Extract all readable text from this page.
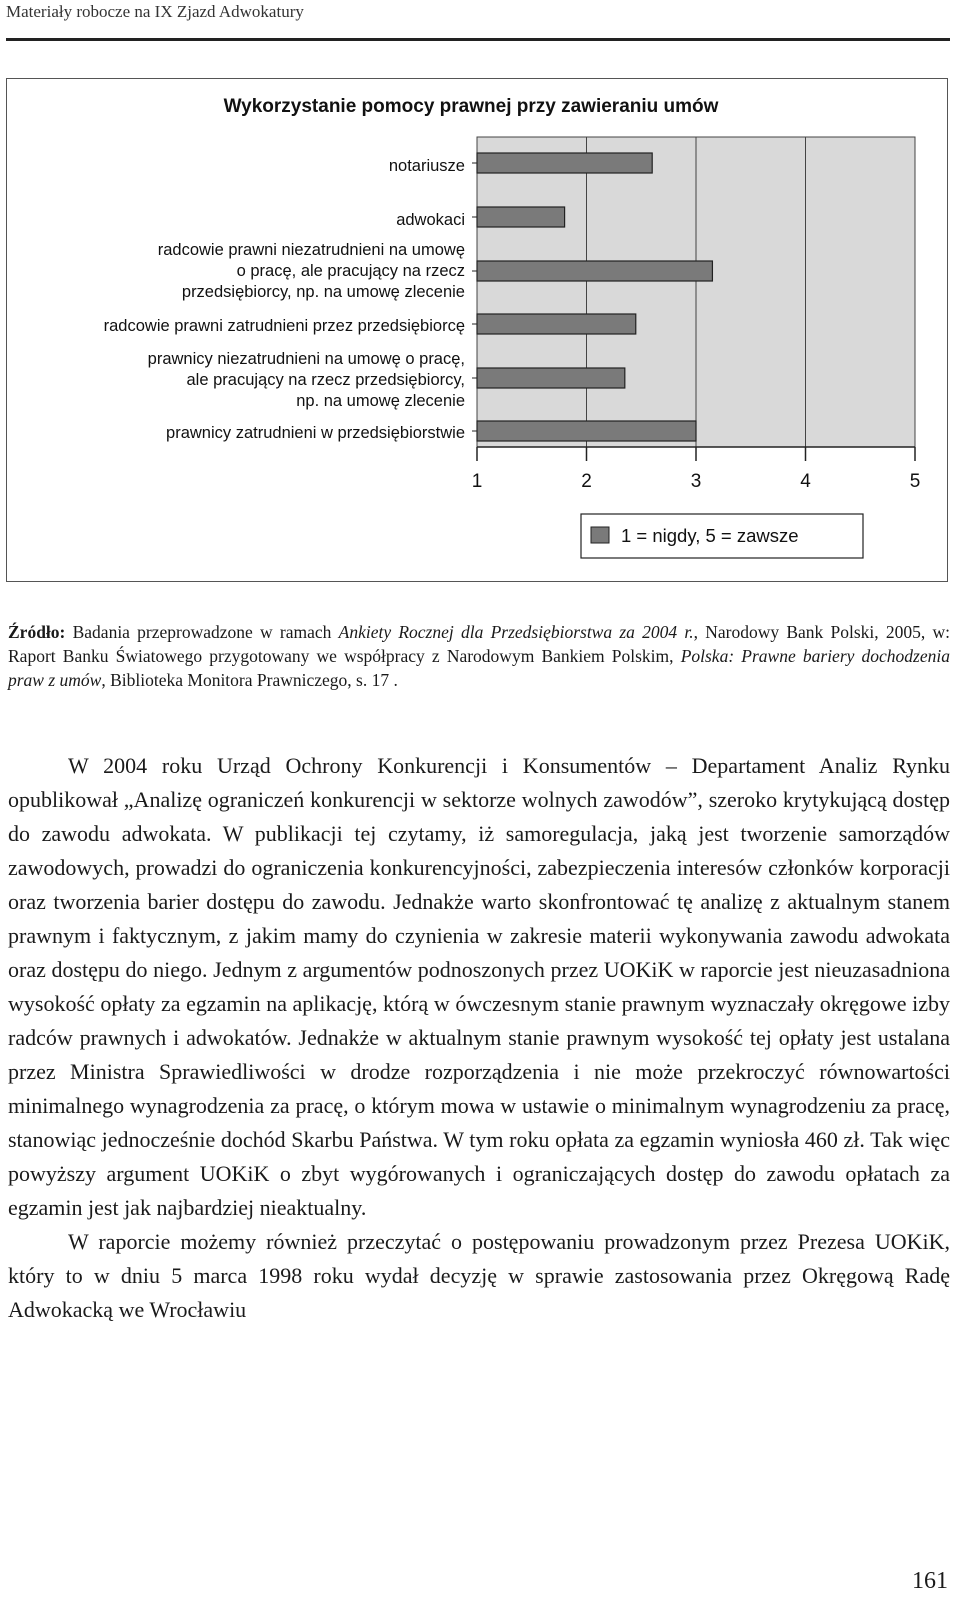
Materiały robocze na IX Zjazd Adwokatury
Wykorzystanie pomocy prawnej przy zawieraniu umów
1	2	3	4	5
notariusze
adwokaci
radcowie prawni niezatrudnieni na umowę
o pracę, ale pracujący na rzecz
przedsiębiorcy, np. na umowę zlecenie
radcowie prawni zatrudnieni przez przedsiębiorcę
prawnicy niezatrudnieni na umowę o pracę,
ale pracujący na rzecz przedsiębiorcy,
np. na umowę zlecenie
prawnicy zatrudnieni w przedsiębiorstwie
1 = nigdy, 5 = zawsze
Źródło: Badania przeprowadzone w ramach Ankiety Rocznej dla Przedsiębiorstwa za 2004 r., Narodowy Bank Polski, 2005, w: Raport Banku Światowego przygotowany we współpracy z Narodowym Bankiem Polskim, Polska: Prawne bariery dochodzenia praw z umów, Biblioteka Monitora Prawniczego, s. 17 .

W 2004 roku Urząd Ochrony Konkurencji i Konsumentów – Departament Analiz Rynku opublikował „Analizę ograniczeń konkurencji w sektorze wolnych zawodów”, szeroko krytykującą dostęp do zawodu adwokata. W publikacji tej czytamy, iż samoregulacja, jaką jest tworzenie samorządów zawodowych, prowadzi do ograniczenia konkurencyjności, zabezpieczenia interesów członków korporacji oraz tworzenia barier dostępu do zawodu. Jednakże warto skonfrontować tę analizę z aktualnym stanem prawnym i faktycznym, z jakim mamy do czynienia w zakresie materii wykonywania zawodu adwokata oraz dostępu do niego. Jednym z argumentów podnoszonych przez UOKiK w raporcie jest nieuzasadniona wysokość opłaty za egzamin na aplikację, którą w ówczesnym stanie prawnym wyznaczały okręgowe izby radców prawnych i adwokatów. Jednakże w aktualnym stanie prawnym wysokość tej opłaty jest ustalana przez Ministra Sprawiedliwości w drodze rozporządzenia i nie może przekroczyć równowartości minimalnego wynagrodzenia za pracę, o którym mowa w ustawie o minimalnym wynagrodzeniu za pracę, stanowiąc jednocześnie dochód Skarbu Państwa. W tym roku opłata za egzamin wyniosła 460 zł. Tak więc powyższy argument UOKiK o zbyt wygórowanych i ograniczających dostęp do zawodu opłatach za egzamin jest jak najbardziej nieaktualny.

W raporcie możemy również przeczytać o postępowaniu prowadzonym przez Prezesa UOKiK, który to w dniu 5 marca 1998 roku wydał decyzję w sprawie zastosowania przez Okręgową Radę Adwokacką we Wrocławiu

161
